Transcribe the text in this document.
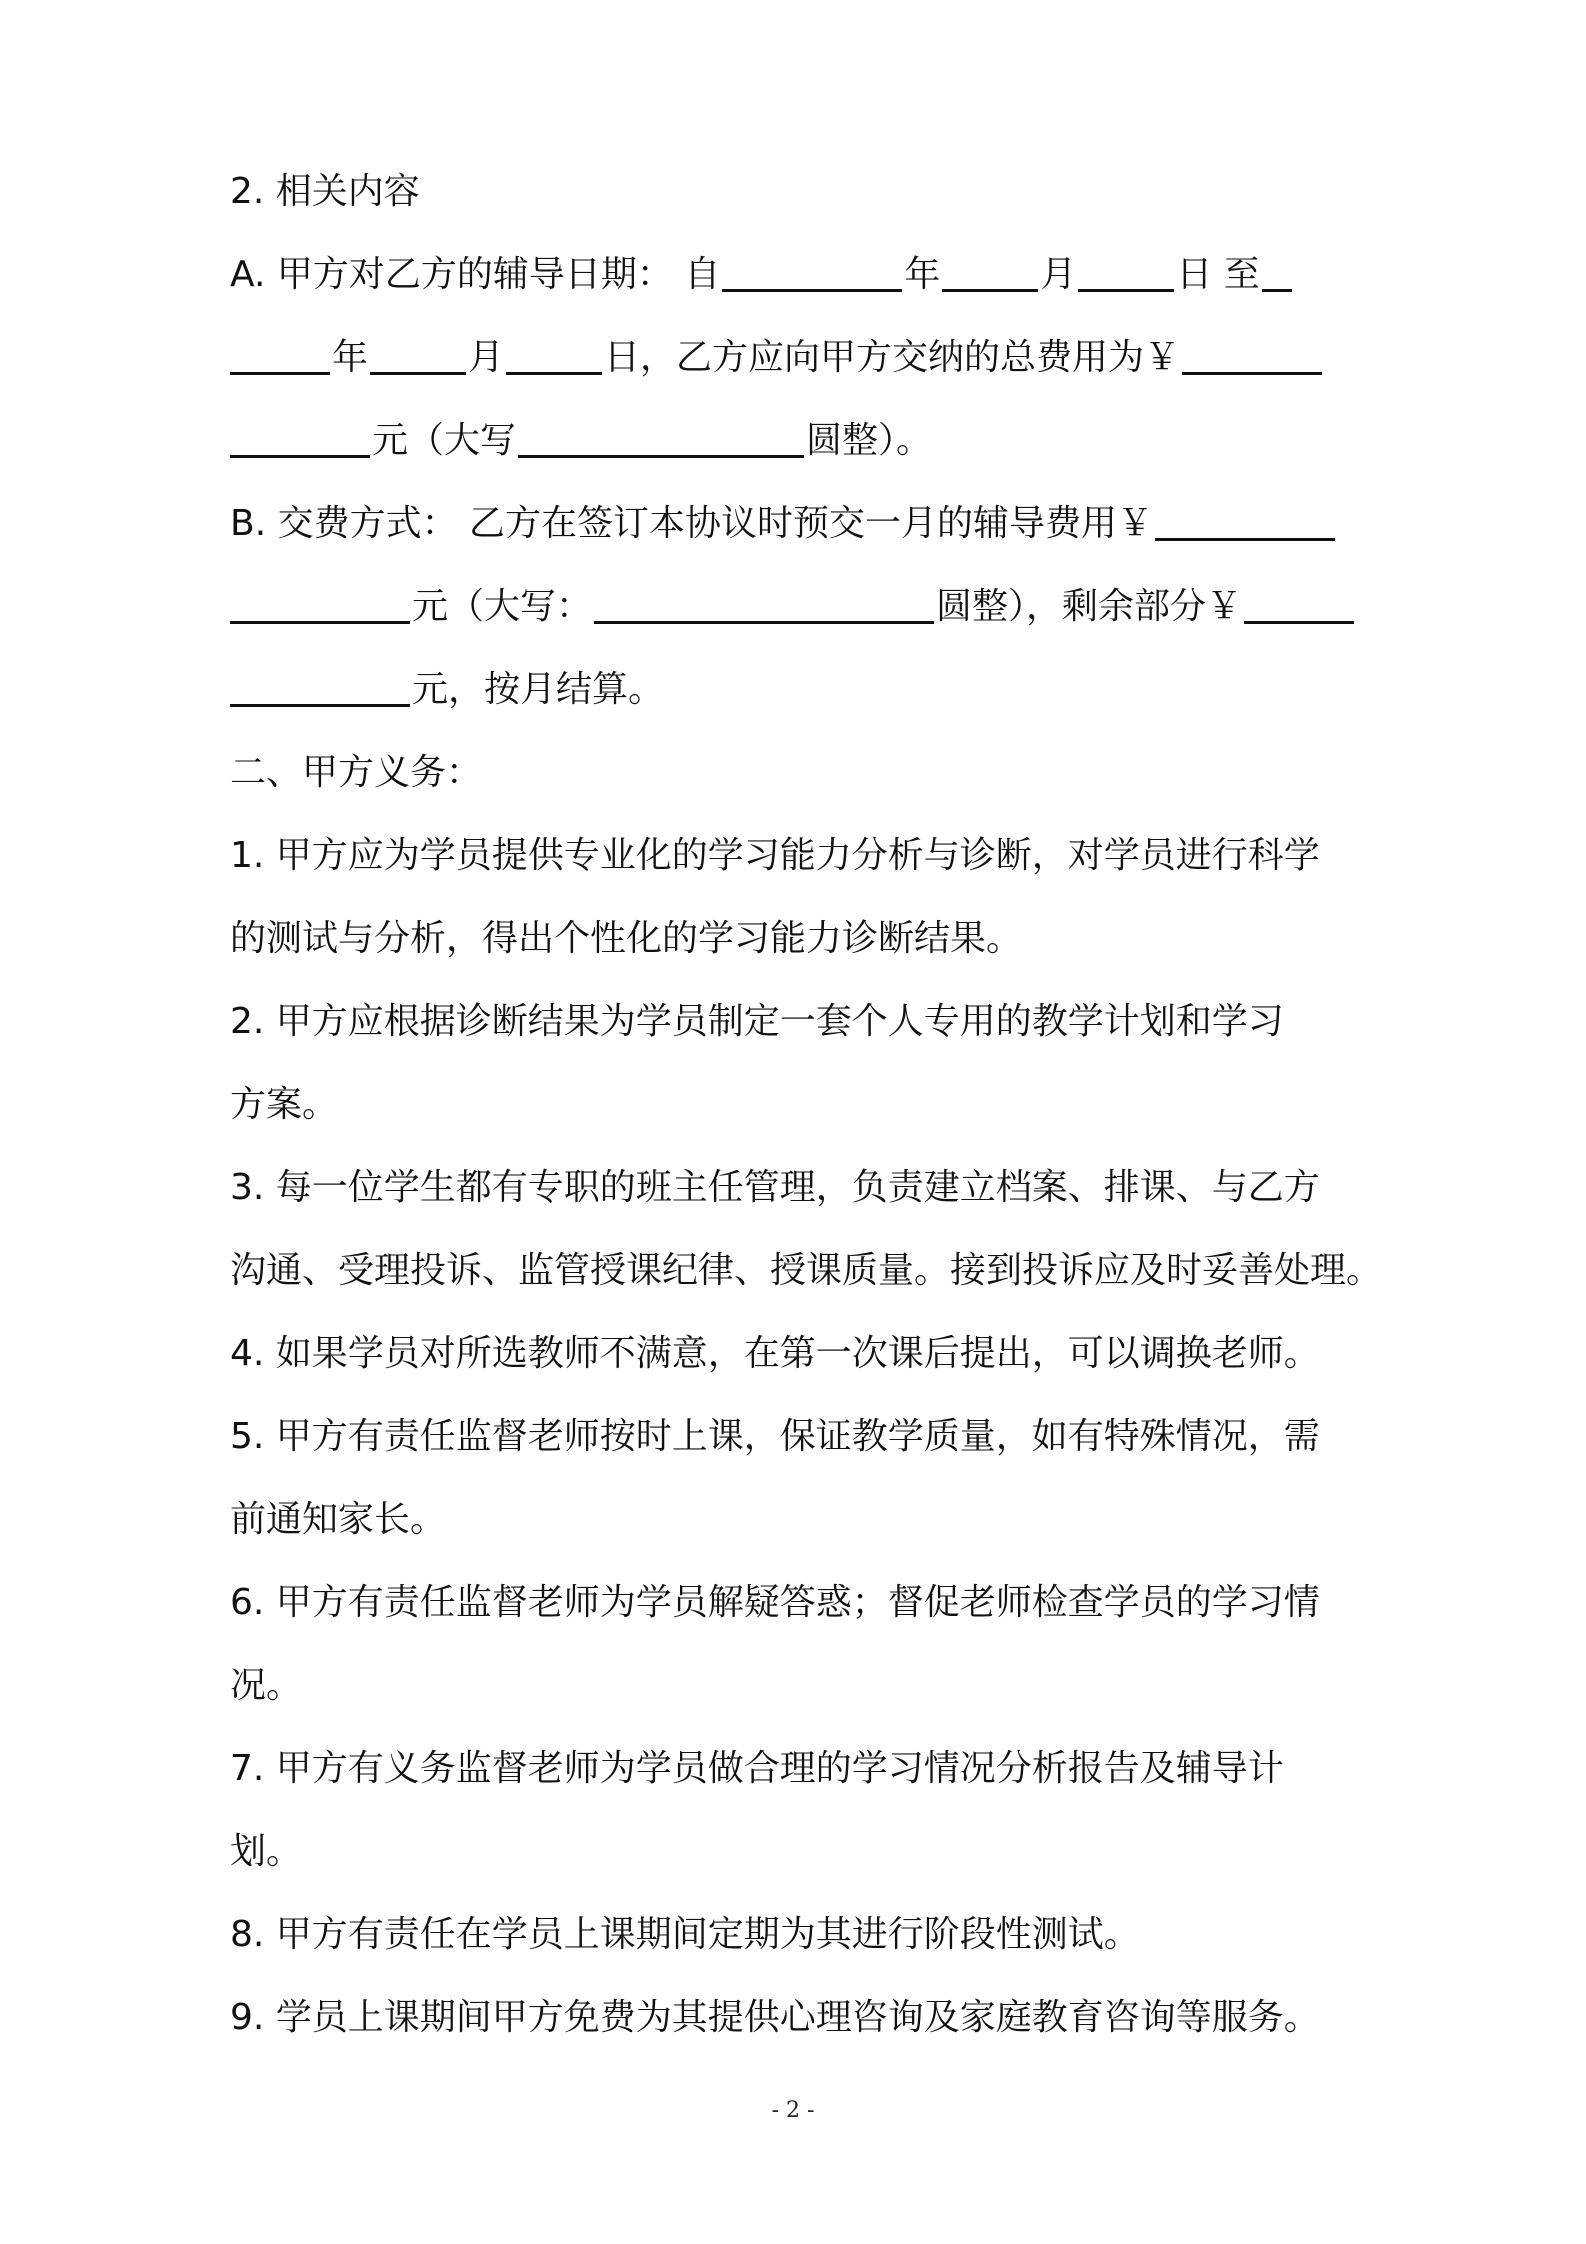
2. 相关内容
A. 甲方对乙方的辅导日期： 自	年	月	日 至
年	月	日，乙方应向甲方交纳的总费用为￥
元（大写	圆整）。
B. 交费方式： 乙方在签订本协议时预交一月的辅导费用￥
元（大写：	圆整），剩余部分￥
元，按月结算。
二、甲方义务：
1. 甲方应为学员提供专业化的学习能力分析与诊断，对学员进行科学
的测试与分析，得出个性化的学习能力诊断结果。
2. 甲方应根据诊断结果为学员制定一套个人专用的教学计划和学习
方案。
3. 每一位学生都有专职的班主任管理，负责建立档案、排课、与乙方
沟通、受理投诉、监管授课纪律、授课质量。接到投诉应及时妥善处理。
4. 如果学员对所选教师不满意，在第一次课后提出，可以调换老师。
5. 甲方有责任监督老师按时上课，保证教学质量，如有特殊情况，需
前通知家长。
6. 甲方有责任监督老师为学员解疑答惑；督促老师检查学员的学习情
况。
7. 甲方有义务监督老师为学员做合理的学习情况分析报告及辅导计
划。
8. 甲方有责任在学员上课期间定期为其进行阶段性测试。
9. 学员上课期间甲方免费为其提供心理咨询及家庭教育咨询等服务。
- 2 -
